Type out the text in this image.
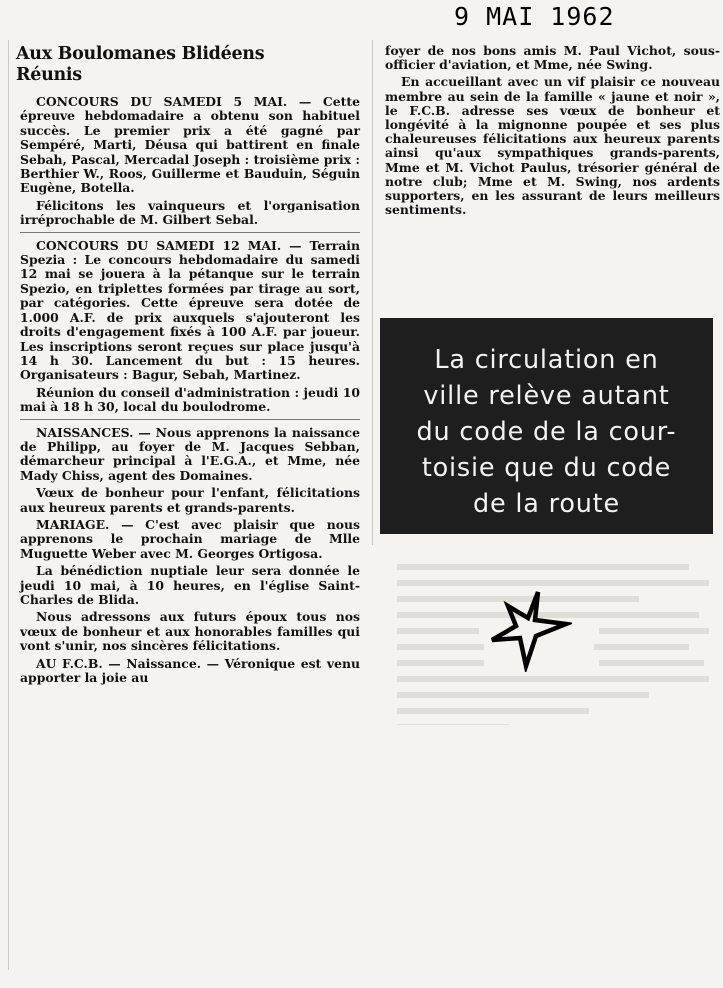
9 MAI 1962

Aux Boulomanes Blidéens
Réunis

CONCOURS DU SAMEDI 5 MAI. — Cette épreuve hebdomadaire a obtenu son habituel succès. Le premier prix a été gagné par Sempéré, Marti, Déusa qui battirent en finale Sebah, Pascal, Mercadal Joseph : troisième prix : Berthier W., Roos, Guillerme et Bauduin, Séguin Eugène, Botella.

Félicitons les vainqueurs et l'organisation irréprochable de M. Gilbert Sebal.

CONCOURS DU SAMEDI 12 MAI. — Terrain Spezia : Le concours hebdomadaire du samedi 12 mai se jouera à la pétanque sur le terrain Spezio, en triplettes formées par tirage au sort, par catégories. Cette épreuve sera dotée de 1.000 A.F. de prix auxquels s'ajouteront les droits d'engagement fixés à 100 A.F. par joueur. Les inscriptions seront reçues sur place jusqu'à 14 h 30. Lancement du but : 15 heures. Organisateurs : Bagur, Sebah, Martinez.

Réunion du conseil d'administration : jeudi 10 mai à 18 h 30, local du boulodrome.

NAISSANCES. — Nous apprenons la naissance de Philipp, au foyer de M. Jacques Sebban, démarcheur principal à l'E.G.A., et Mme, née Mady Chiss, agent des Domaines.

Vœux de bonheur pour l'enfant, félicitations aux heureux parents et grands-parents.

MARIAGE. — C'est avec plaisir que nous apprenons le prochain mariage de Mlle Muguette Weber avec M. Georges Ortigosa.

La bénédiction nuptiale leur sera donnée le jeudi 10 mai, à 10 heures, en l'église Saint-Charles de Blida.

Nous adressons aux futurs époux tous nos vœux de bonheur et aux honorables familles qui vont s'unir, nos sincères félicitations.

AU F.C.B. — Naissance. — Véronique est venu apporter la joie au

foyer de nos bons amis M. Paul Vichot, sous-officier d'aviation, et Mme, née Swing.

En accueillant avec un vif plaisir ce nouveau membre au sein de la famille « jaune et noir », le F.C.B. adresse ses vœux de bonheur et longévité à la mignonne poupée et ses plus chaleureuses félicitations aux heureux parents ainsi qu'aux sympathiques grands-parents, Mme et M. Vichot Paulus, trésorier général de notre club; Mme et M. Swing, nos ardents supporters, en les assurant de leurs meilleurs sentiments.

La circulation en
ville relève autant
du code de la cour-
toisie que du code
de la route
